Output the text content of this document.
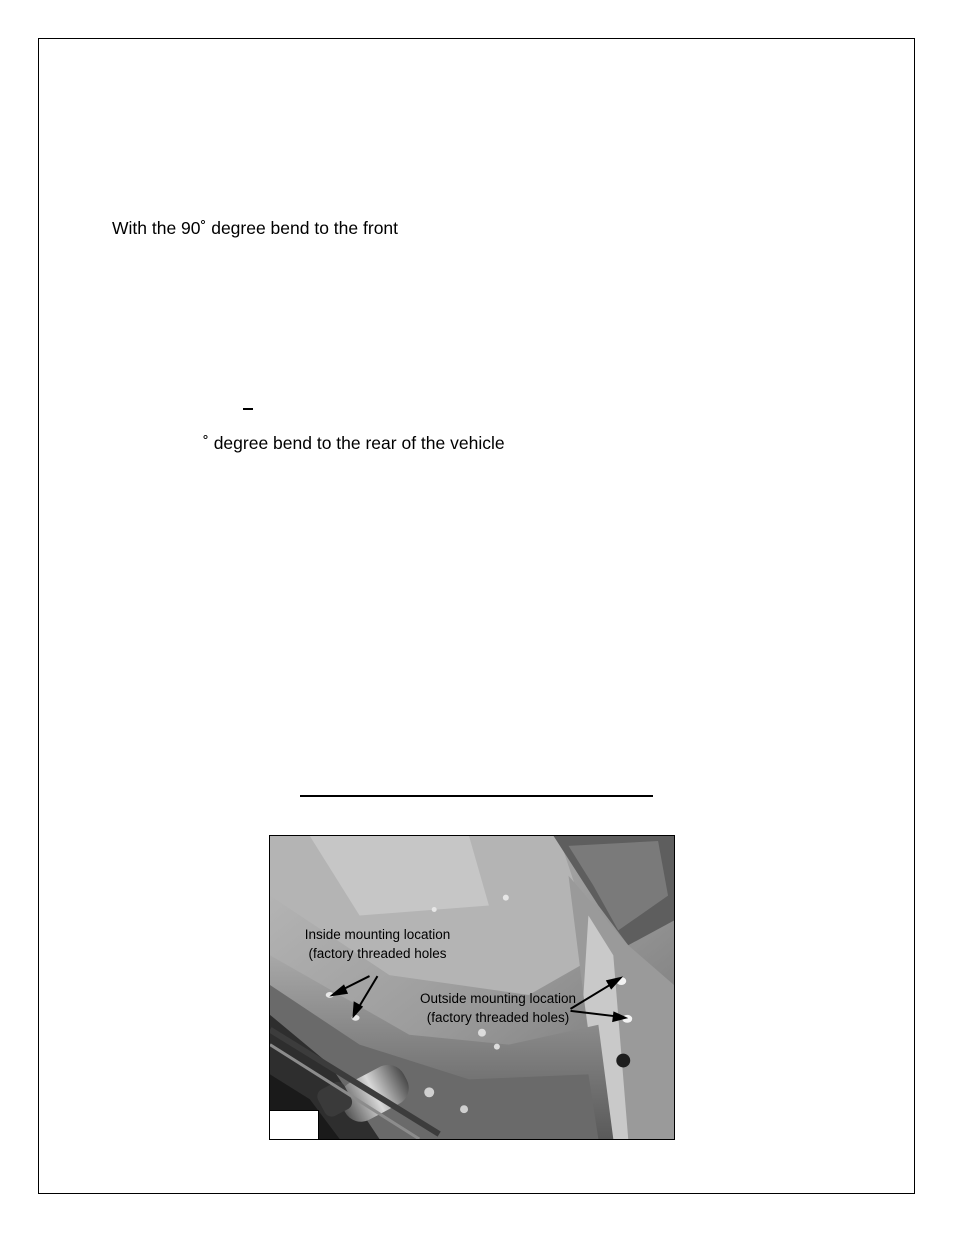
With the 90˚ degree bend to the front
˚ degree bend to the rear of the vehicle
Inside mounting location
(factory threaded holes
Outside mounting location
(factory threaded holes)
